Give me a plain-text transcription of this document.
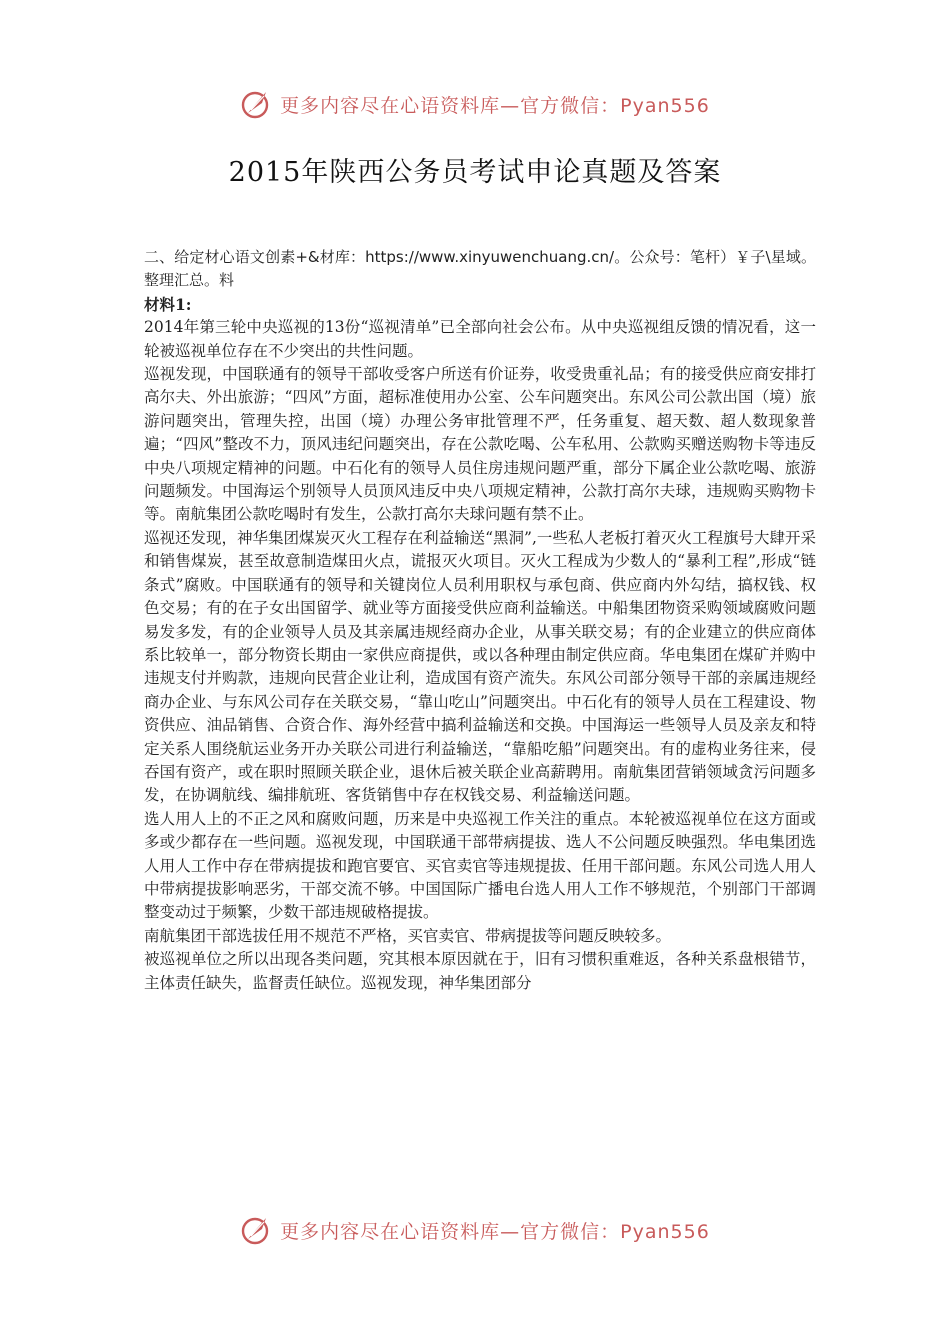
更多内容尽在心语资料库—官方微信：Pyan556
2015年陕西公务员考试申论真题及答案

二、给定材心语文创素+&材库：https://www.xinyuwenchuang.cn/。公众号：笔杆）￥子\星域。整理汇总。料

材料1:

2014年第三轮中央巡视的13份“巡视清单”已全部向社会公布。从中央巡视组反馈的情况看，这一轮被巡视单位存在不少突出的共性问题。

巡视发现，中国联通有的领导干部收受客户所送有价证券，收受贵重礼品；有的接受供应商安排打高尔夫、外出旅游；“四风”方面，超标准使用办公室、公车问题突出。东风公司公款出国（境）旅游问题突出，管理失控，出国（境）办理公务审批管理不严，任务重复、超天数、超人数现象普遍；“四风”整改不力，顶风违纪问题突出，存在公款吃喝、公车私用、公款购买赠送购物卡等违反中央八项规定精神的问题。中石化有的领导人员住房违规问题严重，部分下属企业公款吃喝、旅游问题频发。中国海运个别领导人员顶风违反中央八项规定精神，公款打高尔夫球，违规购买购物卡等。南航集团公款吃喝时有发生，公款打高尔夫球问题有禁不止。

巡视还发现，神华集团煤炭灭火工程存在利益输送“黑洞”,一些私人老板打着灭火工程旗号大肆开采和销售煤炭，甚至故意制造煤田火点，谎报灭火项目。灭火工程成为少数人的“暴利工程”,形成“链条式”腐败。中国联通有的领导和关键岗位人员利用职权与承包商、供应商内外勾结，搞权钱、权色交易；有的在子女出国留学、就业等方面接受供应商利益输送。中船集团物资采购领域腐败问题易发多发，有的企业领导人员及其亲属违规经商办企业，从事关联交易；有的企业建立的供应商体系比较单一，部分物资长期由一家供应商提供，或以各种理由制定供应商。华电集团在煤矿并购中违规支付并购款，违规向民营企业让利，造成国有资产流失。东风公司部分领导干部的亲属违规经商办企业、与东风公司存在关联交易，“靠山吃山”问题突出。中石化有的领导人员在工程建设、物资供应、油品销售、合资合作、海外经营中搞利益输送和交换。中国海运一些领导人员及亲友和特定关系人围绕航运业务开办关联公司进行利益输送，“靠船吃船”问题突出。有的虚构业务往来，侵吞国有资产，或在职时照顾关联企业，退休后被关联企业高薪聘用。南航集团营销领域贪污问题多发，在协调航线、编排航班、客货销售中存在权钱交易、利益输送问题。

选人用人上的不正之风和腐败问题，历来是中央巡视工作关注的重点。本轮被巡视单位在这方面或多或少都存在一些问题。巡视发现，中国联通干部带病提拔、选人不公问题反映强烈。华电集团选人用人工作中存在带病提拔和跑官要官、买官卖官等违规提拔、任用干部问题。东风公司选人用人中带病提拔影响恶劣，干部交流不够。中国国际广播电台选人用人工作不够规范，个别部门干部调整变动过于频繁，少数干部违规破格提拔。

南航集团干部选拔任用不规范不严格，买官卖官、带病提拔等问题反映较多。

被巡视单位之所以出现各类问题，究其根本原因就在于，旧有习惯积重难返，各种关系盘根错节，主体责任缺失，监督责任缺位。巡视发现，神华集团部分

更多内容尽在心语资料库—官方微信：Pyan556
